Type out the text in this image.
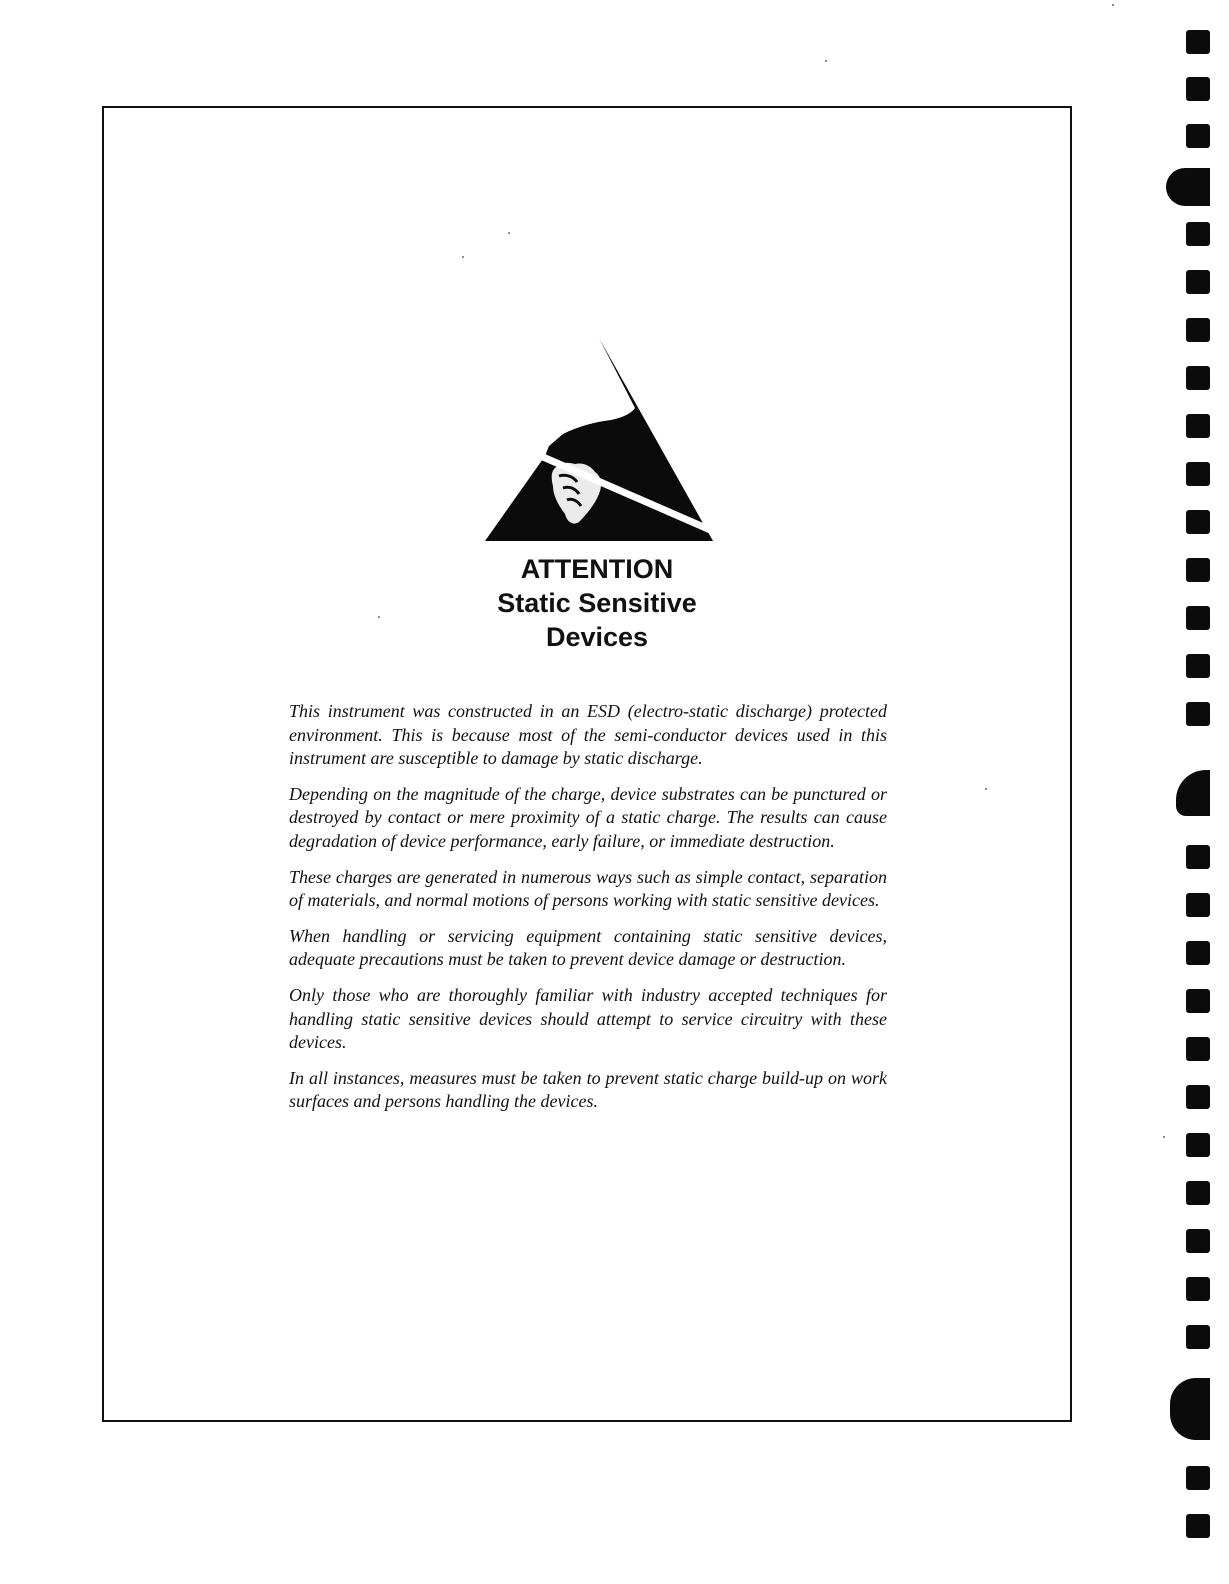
ATTENTION
Static Sensitive
Devices

This instrument was constructed in an ESD (electro-static discharge) protected environment. This is because most of the semi-conductor devices used in this instrument are susceptible to damage by static discharge.

Depending on the magnitude of the charge, device substrates can be punctured or destroyed by contact or mere proximity of a static charge. The results can cause degradation of device performance, early failure, or immediate destruction.

These charges are generated in numerous ways such as simple contact, separation of materials, and normal motions of persons working with static sensitive devices.

When handling or servicing equipment containing static sensitive devices, adequate precautions must be taken to prevent device damage or destruction.

Only those who are thoroughly familiar with industry accepted techniques for handling static sensitive devices should attempt to service circuitry with these devices.

In all instances, measures must be taken to prevent static charge build-up on work surfaces and persons handling the devices.
